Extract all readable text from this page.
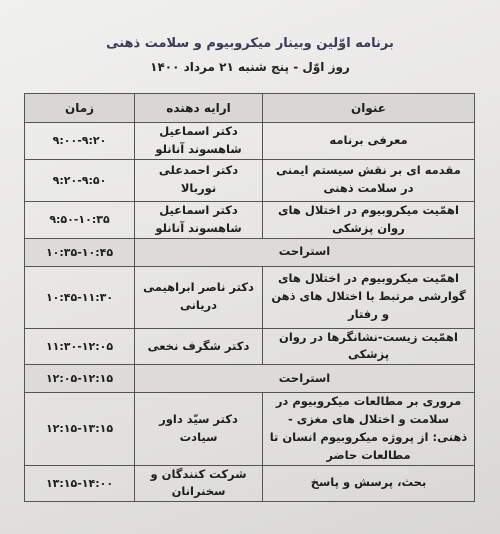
برنامه اوّلین وبینار میکروبیوم و سلامت ذهنی
روز اوّل - پنج شنبه ۲۱ مرداد ۱۴۰۰
عنوان	ارایه دهنده	زمان
معرفی برنامه	دکتر اسماعیل شاهسوند آنانلو	۹:۰۰-۹:۲۰
مقدمه ای بر نقش سیستم ایمنی در سلامت ذهنی	دکتر احمدعلی نوربالا	۹:۲۰-۹:۵۰
اهمّیت میکروبیوم در اختلال های روان پزشکی	دکتر اسماعیل شاهسوند آنانلو	۹:۵۰-۱۰:۳۵
استراحت		۱۰:۳۵-۱۰:۴۵
اهمّیت میکروبیوم در اختلال های گوارشی مرتبط با اختلال های ذهن و رفتار	دکتر ناصر ابراهیمی دریانی	۱۰:۴۵-۱۱:۳۰
اهمّیت زیست-نشانگرها در روان پزشکی	دکتر شگرف نخعی	۱۱:۳۰-۱۲:۰۵
استراحت		۱۲:۰۵-۱۲:۱۵
مروری بر مطالعات میکروبیوم در سلامت و اختلال های مغزی - ذهنی: از پروژه میکروبیوم انسان تا مطالعات حاضر	دکتر سیّد داور سیادت	۱۲:۱۵-۱۳:۱۵
بحث، پرسش و پاسخ	شرکت کنندگان و سخنرانان	۱۳:۱۵-۱۴:۰۰
